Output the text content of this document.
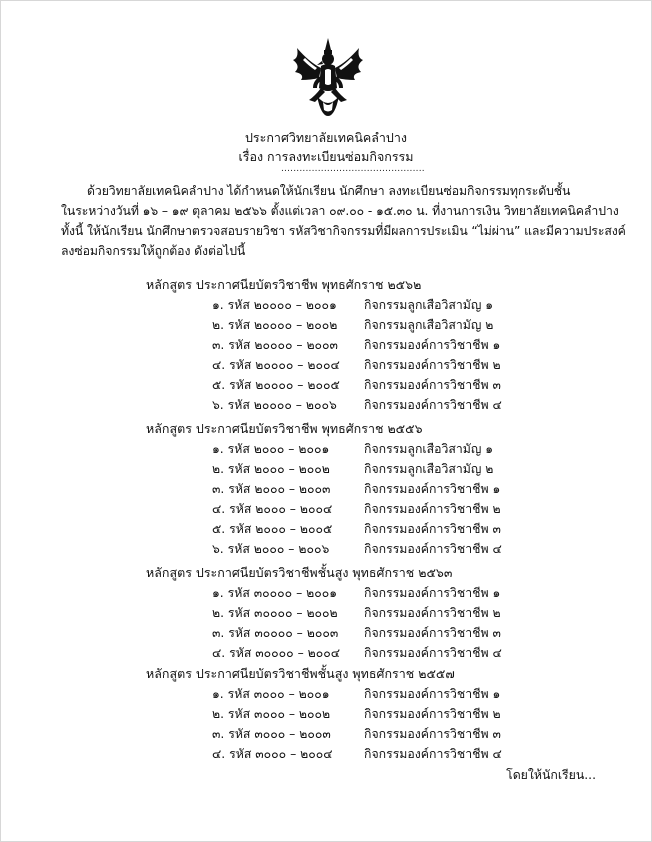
ประกาศวิทยาลัยเทคนิคลำปาง
เรื่อง การลงทะเบียนซ่อมกิจกรรม
...............................................
ด้วยวิทยาลัยเทคนิคลำปาง ได้กำหนดให้นักเรียน นักศึกษา ลงทะเบียนซ่อมกิจกรรมทุกระดับชั้น
ในระหว่างวันที่ ๑๖ – ๑๙ ตุลาคม ๒๕๖๖ ตั้งแต่เวลา ๐๙.๐๐ - ๑๕.๓๐ น. ที่งานการเงิน วิทยาลัยเทคนิคลำปาง
ทั้งนี้ ให้นักเรียน นักศึกษาตรวจสอบรายวิชา รหัสวิชากิจกรรมที่มีผลการประเมิน “ไม่ผ่าน” และมีความประสงค์
ลงซ่อมกิจกรรมให้ถูกต้อง ดังต่อไปนี้
หลักสูตร ประกาศนียบัตรวิชาชีพ พุทธศักราช ๒๕๖๒
๑. รหัส ๒๐๐๐๐ – ๒๐๐๑ กิจกรรมลูกเสือวิสามัญ ๑
๒. รหัส ๒๐๐๐๐ – ๒๐๐๒ กิจกรรมลูกเสือวิสามัญ ๒
๓. รหัส ๒๐๐๐๐ – ๒๐๐๓ กิจกรรมองค์การวิชาชีพ ๑
๔. รหัส ๒๐๐๐๐ – ๒๐๐๔ กิจกรรมองค์การวิชาชีพ ๒
๕. รหัส ๒๐๐๐๐ – ๒๐๐๕ กิจกรรมองค์การวิชาชีพ ๓
๖. รหัส ๒๐๐๐๐ – ๒๐๐๖ กิจกรรมองค์การวิชาชีพ ๔
หลักสูตร ประกาศนียบัตรวิชาชีพ พุทธศักราช ๒๕๕๖
๑. รหัส ๒๐๐๐ – ๒๐๐๑	กิจกรรมลูกเสือวิสามัญ ๑
๒. รหัส ๒๐๐๐ – ๒๐๐๒	กิจกรรมลูกเสือวิสามัญ ๒
๓. รหัส ๒๐๐๐ – ๒๐๐๓	กิจกรรมองค์การวิชาชีพ ๑
๔. รหัส ๒๐๐๐ – ๒๐๐๔	กิจกรรมองค์การวิชาชีพ ๒
๕. รหัส ๒๐๐๐ – ๒๐๐๕	กิจกรรมองค์การวิชาชีพ ๓
๖. รหัส ๒๐๐๐ – ๒๐๐๖	กิจกรรมองค์การวิชาชีพ ๔
หลักสูตร ประกาศนียบัตรวิชาชีพชั้นสูง พุทธศักราช ๒๕๖๓
๑. รหัส ๓๐๐๐๐ – ๒๐๐๑ กิจกรรมองค์การวิชาชีพ ๑
๒. รหัส ๓๐๐๐๐ – ๒๐๐๒ กิจกรรมองค์การวิชาชีพ ๒
๓. รหัส ๓๐๐๐๐ – ๒๐๐๓ กิจกรรมองค์การวิชาชีพ ๓
๔. รหัส ๓๐๐๐๐ – ๒๐๐๔ กิจกรรมองค์การวิชาชีพ ๔
หลักสูตร ประกาศนียบัตรวิชาชีพชั้นสูง พุทธศักราช ๒๕๕๗
๑. รหัส ๓๐๐๐ – ๒๐๐๑	กิจกรรมองค์การวิชาชีพ ๑
๒. รหัส ๓๐๐๐ – ๒๐๐๒	กิจกรรมองค์การวิชาชีพ ๒
๓. รหัส ๓๐๐๐ – ๒๐๐๓	กิจกรรมองค์การวิชาชีพ ๓
๔. รหัส ๓๐๐๐ – ๒๐๐๔	กิจกรรมองค์การวิชาชีพ ๔
โดยให้นักเรียน...
